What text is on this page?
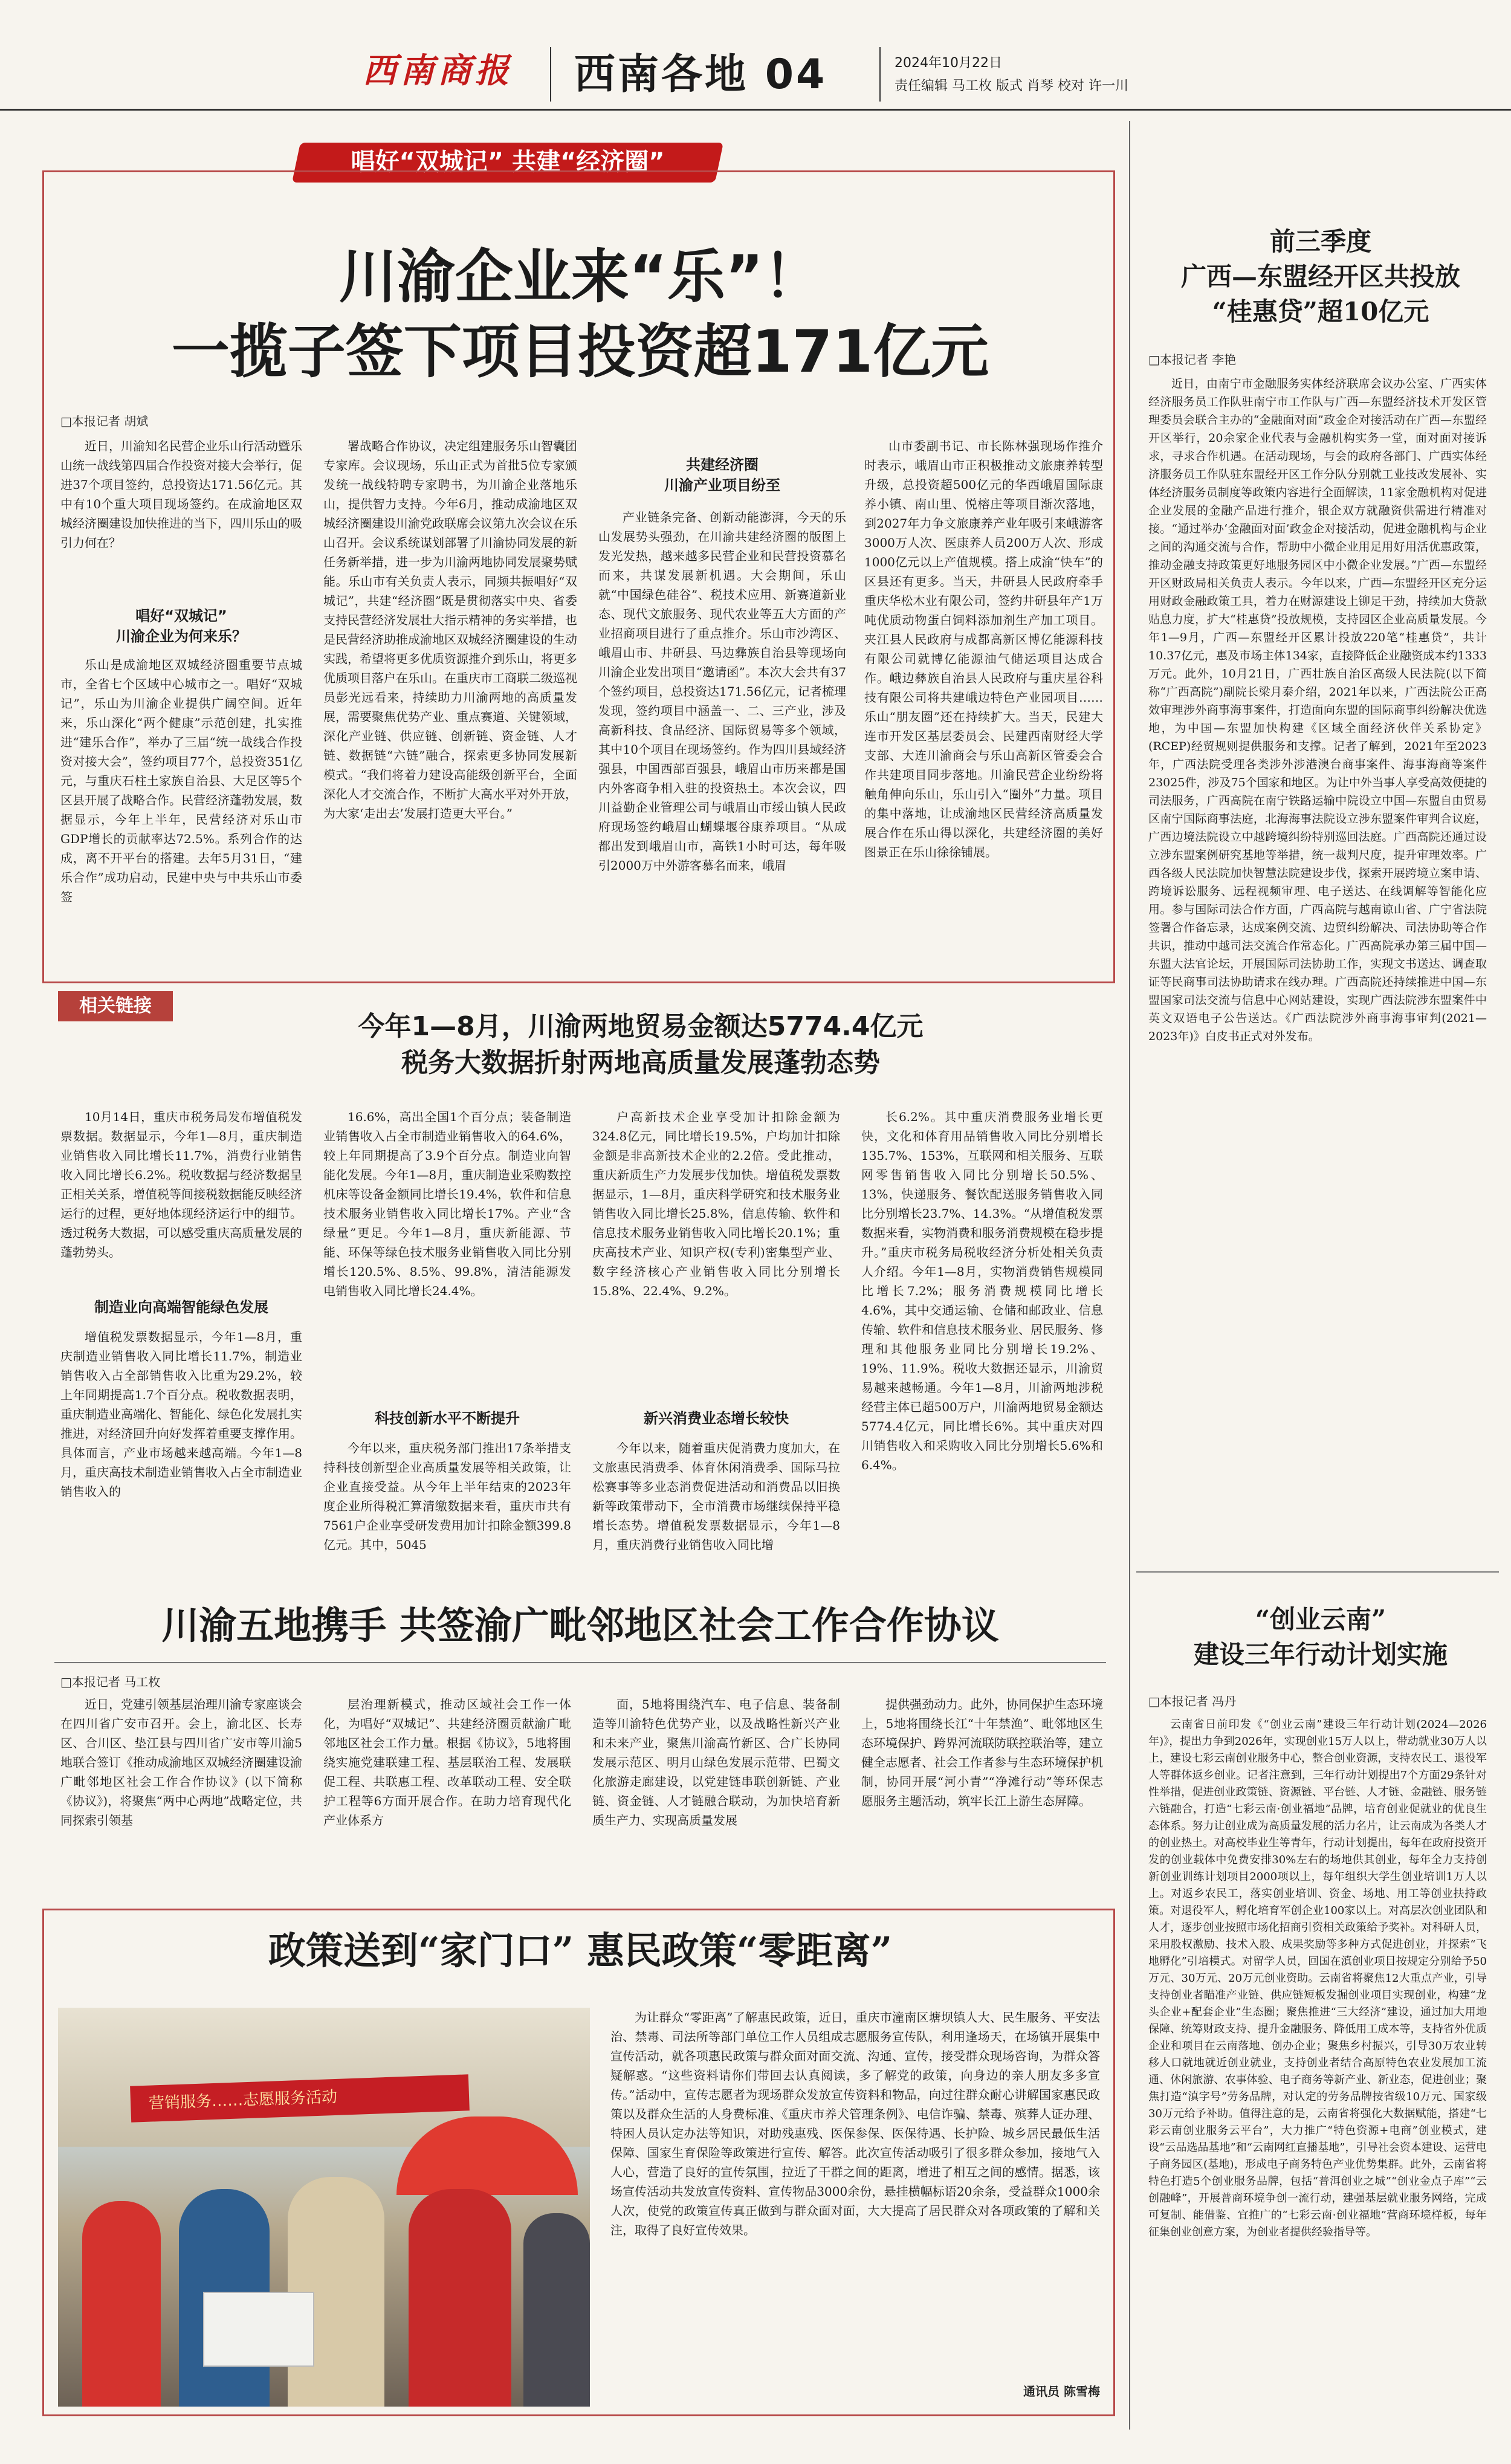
西南商报 西南各地 04	2024年10月22日
责任编辑 马工枚 版式 肖琴 校对 许一川
唱好“双城记” 共建“经济圈”
川渝企业来“乐”！
一揽子签下项目投资超171亿元
□本报记者 胡斌

近日，川渝知名民营企业乐山行活动暨乐山统一战线第四届合作投资对接大会举行，促进37个项目签约，总投资达171.56亿元。其中有10个重大项目现场签约。在成渝地区双城经济圈建设加快推进的当下，四川乐山的吸引力何在？

唱好“双城记”
川渝企业为何来乐？

乐山是成渝地区双城经济圈重要节点城市，全省七个区域中心城市之一。唱好“双城记”，乐山为川渝企业提供广阔空间。近年来，乐山深化“两个健康”示范创建，扎实推进“建乐合作”，举办了三届“统一战线合作投资对接大会”，签约项目77个，总投资351亿元，与重庆石柱土家族自治县、大足区等5个区县开展了战略合作。民营经济蓬勃发展，数据显示，今年上半年，民营经济对乐山市GDP增长的贡献率达72.5%。系列合作的达成，离不开平台的搭建。去年5月31日，“建乐合作”成功启动，民建中央与中共乐山市委签

署战略合作协议，决定组建服务乐山智囊团专家库。会议现场，乐山正式为首批5位专家颁发统一战线特聘专家聘书，为川渝企业落地乐山，提供智力支持。今年6月，推动成渝地区双城经济圈建设川渝党政联席会议第九次会议在乐山召开。会议系统谋划部署了川渝协同发展的新任务新举措，进一步为川渝两地协同发展聚势赋能。乐山市有关负责人表示，同频共振唱好“双城记”，共建“经济圈”既是贯彻落实中央、省委支持民营经济发展壮大指示精神的务实举措，也是民营经济助推成渝地区双城经济圈建设的生动实践，希望将更多优质资源推介到乐山，将更多优质项目落户在乐山。在重庆市工商联二级巡视员彭光远看来，持续助力川渝两地的高质量发展，需要聚焦优势产业、重点赛道、关键领域，深化产业链、供应链、创新链、资金链、人才链、数据链“六链”融合，探索更多协同发展新模式。“我们将着力建设高能级创新平台，全面深化人才交流合作，不断扩大高水平对外开放，为大家‘走出去’发展打造更大平台。”

共建经济圈
川渝产业项目纷至

产业链条完备、创新动能澎湃，今天的乐山发展势头强劲，在川渝共建经济圈的版图上发光发热，越来越多民营企业和民营投资慕名而来，共谋发展新机遇。大会期间，乐山就“中国绿色硅谷”、税技术应用、新赛道新业态、现代文旅服务、现代农业等五大方面的产业招商项目进行了重点推介。乐山市沙湾区、峨眉山市、井研县、马边彝族自治县等现场向川渝企业发出项目“邀请函”。本次大会共有37个签约项目，总投资达171.56亿元，记者梳理发现，签约项目中涵盖一、二、三产业，涉及高新科技、食品经济、国际贸易等多个领域，其中10个项目在现场签约。作为四川县域经济强县，中国西部百强县，峨眉山市历来都是国内外客商争相入驻的投资热土。本次会议，四川益勤企业管理公司与峨眉山市绥山镇人民政府现场签约峨眉山蝴蝶堰谷康养项目。“从成都出发到峨眉山市，高铁1小时可达，每年吸引2000万中外游客慕名而来，峨眉

山市委副书记、市长陈林强现场作推介时表示，峨眉山市正积极推动文旅康养转型升级，总投资超500亿元的华西峨眉国际康养小镇、南山里、悦榕庄等项目渐次落地，到2027年力争文旅康养产业年吸引来峨游客3000万人次、医康养人员200万人次、形成1000亿元以上产值规模。搭上成渝“快车”的区县还有更多。当天，井研县人民政府牵手重庆华松木业有限公司，签约井研县年产1万吨优质动物蛋白饲料添加剂生产加工项目。夹江县人民政府与成都高新区博亿能源科技有限公司就博亿能源油气储运项目达成合作。峨边彝族自治县人民政府与重庆星谷科技有限公司将共建峨边特色产业园项目……乐山“朋友圈”还在持续扩大。当天，民建大连市开发区基层委员会、民建西南财经大学支部、大连川渝商会与乐山高新区管委会合作共建项目同步落地。川渝民营企业纷纷将触角伸向乐山，乐山引入“圈外”力量。项目的集中落地，让成渝地区民营经济高质量发展合作在乐山得以深化，共建经济圈的美好图景正在乐山徐徐铺展。

相关链接
今年1—8月，川渝两地贸易金额达5774.4亿元
税务大数据折射两地高质量发展蓬勃态势

10月14日，重庆市税务局发布增值税发票数据。数据显示，今年1—8月，重庆制造业销售收入同比增长11.7%，消费行业销售收入同比增长6.2%。税收数据与经济数据呈正相关关系，增值税等间接税数据能反映经济运行的过程，更好地体现经济运行中的细节。透过税务大数据，可以感受重庆高质量发展的蓬勃势头。

制造业向高端智能绿色发展

增值税发票数据显示，今年1—8月，重庆制造业销售收入同比增长11.7%，制造业销售收入占全部销售收入比重为29.2%，较上年同期提高1.7个百分点。税收数据表明，重庆制造业高端化、智能化、绿色化发展扎实推进，对经济回升向好发挥着重要支撑作用。具体而言，产业市场越来越高端。今年1—8月，重庆高技术制造业销售收入占全市制造业销售收入的

16.6%，高出全国1个百分点；装备制造业销售收入占全市制造业销售收入的64.6%，较上年同期提高了3.9个百分点。制造业向智能化发展。今年1—8月，重庆制造业采购数控机床等设备金额同比增长19.4%，软件和信息技术服务业销售收入同比增长17%。产业“含绿量”更足。今年1—8月，重庆新能源、节能、环保等绿色技术服务业销售收入同比分别增长120.5%、8.5%、99.8%，清洁能源发电销售收入同比增长24.4%。

科技创新水平不断提升

今年以来，重庆税务部门推出17条举措支持科技创新型企业高质量发展等相关政策，让企业直接受益。从今年上半年结束的2023年度企业所得税汇算清缴数据来看，重庆市共有7561户企业享受研发费用加计扣除金额399.8亿元。其中，5045

户高新技术企业享受加计扣除金额为324.8亿元，同比增长19.5%，户均加计扣除金额是非高新技术企业的2.2倍。受此推动，重庆新质生产力发展步伐加快。增值税发票数据显示，1—8月，重庆科学研究和技术服务业销售收入同比增长25.8%，信息传输、软件和信息技术服务业销售收入同比增长20.1%；重庆高技术产业、知识产权(专利)密集型产业、数字经济核心产业销售收入同比分别增长15.8%、22.4%、9.2%。

新兴消费业态增长较快

今年以来，随着重庆促消费力度加大，在文旅惠民消费季、体育休闲消费季、国际马拉松赛事等多业态消费促进活动和消费品以旧换新等政策带动下，全市消费市场继续保持平稳增长态势。增值税发票数据显示，今年1—8月，重庆消费行业销售收入同比增

长6.2%。其中重庆消费服务业增长更快，文化和体育用品销售收入同比分别增长135.7%、153%，互联网和相关服务、互联网零售销售收入同比分别增长50.5%、13%，快递服务、餐饮配送服务销售收入同比分别增长23.7%、14.3%。“从增值税发票数据来看，实物消费和服务消费规模在稳步提升。”重庆市税务局税收经济分析处相关负责人介绍。今年1—8月，实物消费销售规模同比增长7.2%；服务消费规模同比增长4.6%，其中交通运输、仓储和邮政业、信息传输、软件和信息技术服务业、居民服务、修理和其他服务业同比分别增长19.2%、19%、11.9%。税收大数据还显示，川渝贸易越来越畅通。今年1—8月，川渝两地涉税经营主体已超500万户，川渝两地贸易金额达5774.4亿元，同比增长6%。其中重庆对四川销售收入和采购收入同比分别增长5.6%和6.4%。

川渝五地携手 共签渝广毗邻地区社会工作合作协议
□本报记者 马工枚

近日，党建引领基层治理川渝专家座谈会在四川省广安市召开。会上，渝北区、长寿区、合川区、垫江县与四川省广安市等川渝5地联合签订《推动成渝地区双城经济圈建设渝广毗邻地区社会工作合作协议》(以下简称《协议》)，将聚焦“两中心两地”战略定位，共同探索引领基

层治理新模式，推动区域社会工作一体化，为唱好“双城记”、共建经济圈贡献渝广毗邻地区社会工作力量。根据《协议》，5地将围绕实施党建联建工程、基层联治工程、发展联促工程、共联惠工程、改革联动工程、安全联护工程等6方面开展合作。在助力培育现代化产业体系方

面，5地将围绕汽车、电子信息、装备制造等川渝特色优势产业，以及战略性新兴产业和未来产业，聚焦川渝高竹新区、合广长协同发展示范区、明月山绿色发展示范带、巴蜀文化旅游走廊建设，以党建链串联创新链、产业链、资金链、人才链融合联动，为加快培育新质生产力、实现高质量发展

提供强劲动力。此外，协同保护生态环境上，5地将围绕长江“十年禁渔”、毗邻地区生态环境保护、跨界河流联防联控联治等，建立健全志愿者、社会工作者参与生态环境保护机制，协同开展“河小青”“净滩行动”等环保志愿服务主题活动，筑牢长江上游生态屏障。

政策送到“家门口” 惠民政策“零距离”
营销服务……志愿服务活动

为让群众“零距离”了解惠民政策，近日，重庆市潼南区塘坝镇人大、民生服务、平安法治、禁毒、司法所等部门单位工作人员组成志愿服务宣传队，利用逢场天，在场镇开展集中宣传活动，就各项惠民政策与群众面对面交流、沟通、宣传，接受群众现场咨询，为群众答疑解惑。“这些资料请你们带回去认真阅读，多了解党的政策，向身边的亲人朋友多多宣传。”活动中，宣传志愿者为现场群众发放宣传资料和物品，向过往群众耐心讲解国家惠民政策以及群众生活的人身费标准、《重庆市养犬管理条例》、电信诈骗、禁毒、殡葬人证办理、特困人员认定办法等知识，对助残惠残、医保参保、医保待遇、长护险、城乡居民最低生活保障、国家生育保险等政策进行宣传、解答。此次宣传活动吸引了很多群众参加，接地气入人心，营造了良好的宣传氛围，拉近了干群之间的距离，增进了相互之间的感情。据悉，该场宣传活动共发放宣传资料、宣传物品3000余份，悬挂横幅标语20余条，受益群众1000余人次，使党的政策宣传真正做到与群众面对面，大大提高了居民群众对各项政策的了解和关注，取得了良好宣传效果。

通讯员 陈雪梅
前三季度
广西—东盟经开区共投放
“桂惠贷”超10亿元
□本报记者 李艳

近日，由南宁市金融服务实体经济联席会议办公室、广西实体经济服务员工作队驻南宁市工作队与广西—东盟经济技术开发区管理委员会联合主办的“金融面对面”政金企对接活动在广西—东盟经开区举行，20余家企业代表与金融机构实务一堂，面对面对接诉求，寻求合作机遇。在活动现场，与会的政府各部门、广西实体经济服务员工作队驻东盟经开区工作分队分别就工业技改发展补、实体经济服务员制度等政策内容进行全面解读，11家金融机构对促进企业发展的金融产品进行推介，银企双方就融资供需进行精准对接。“通过举办‘金融面对面’政金企对接活动，促进金融机构与企业之间的沟通交流与合作，帮助中小微企业用足用好用活优惠政策，推动金融支持政策更好地服务园区中小微企业发展。”广西—东盟经开区财政局相关负责人表示。今年以来，广西—东盟经开区充分运用财政金融政策工具，着力在财源建设上铆足干劲，持续加大贷款贴息力度，扩大“桂惠贷”投放规模，支持园区企业高质量发展。今年1—9月，广西—东盟经开区累计投放220笔“桂惠贷”，共计10.37亿元，惠及市场主体134家，直接降低企业融资成本约1333万元。此外，10月21日，广西壮族自治区高级人民法院(以下简称“广西高院”)副院长梁月泰介绍，2021年以来，广西法院公正高效审理涉外商事海事案件，打造面向东盟的国际商事纠纷解决优选地，为中国—东盟加快构建《区域全面经济伙伴关系协定》(RCEP)经贸规则提供服务和支撑。记者了解到，2021年至2023年，广西法院受理各类涉外涉港澳台商事案件、海事海商等案件23025件，涉及75个国家和地区。为让中外当事人享受高效便捷的司法服务，广西高院在南宁铁路运输中院设立中国—东盟自由贸易区南宁国际商事法庭，北海海事法院设立涉东盟案件审判合议庭，广西边境法院设立中越跨境纠纷特别巡回法庭。广西高院还通过设立涉东盟案例研究基地等举措，统一裁判尺度，提升审理效率。广西各级人民法院加快智慧法院建设步伐，探索开展跨境立案申请、跨境诉讼服务、远程视频审理、电子送达、在线调解等智能化应用。参与国际司法合作方面，广西高院与越南谅山省、广宁省法院签署合作备忘录，达成案例交流、边贸纠纷解决、司法协助等合作共识，推动中越司法交流合作常态化。广西高院承办第三届中国—东盟大法官论坛，开展国际司法协助工作，实现文书送达、调查取证等民商事司法协助请求在线办理。广西高院还持续推进中国—东盟国家司法交流与信息中心网站建设，实现广西法院涉东盟案件中英文双语电子公告送达。《广西法院涉外商事海事审判(2021—2023年)》白皮书正式对外发布。

“创业云南”
建设三年行动计划实施
□本报记者 冯丹

云南省日前印发《“创业云南”建设三年行动计划(2024—2026年)》，提出力争到2026年，实现创业15万人以上，带动就业30万人以上，建设七彩云南创业服务中心，整合创业资源，支持农民工、退役军人等群体返乡创业。记者注意到，三年行动计划提出7个方面29条针对性举措，促进创业政策链、资源链、平台链、人才链、金融链、服务链六链融合，打造“七彩云南·创业福地”品牌，培育创业促就业的优良生态体系。努力让创业成为高质量发展的活力名片，让云南成为各类人才的创业热土。对高校毕业生等青年，行动计划提出，每年在政府投资开发的创业载体中免费安排30%左右的场地供其创业，每年全力支持创新创业训练计划项目2000项以上，每年组织大学生创业培训1万人以上。对返乡农民工，落实创业培训、资金、场地、用工等创业扶持政策。对退役军人，孵化培育军创企业100家以上。对高层次创业团队和人才，逐步创业按照市场化招商引资相关政策给予奖补。对科研人员，采用股权激励、技术入股、成果奖励等多种方式促进创业，并探索“飞地孵化”引培模式。对留学人员，回国在滇创业项目按规定分别给予50万元、30万元、20万元创业资助。云南省将聚焦12大重点产业，引导支持创业者瞄准产业链、供应链短板发掘创业项目实现创业，构建“龙头企业+配套企业”生态圈；聚焦推进“三大经济”建设，通过加大用地保障、统筹财政支持、提升金融服务、降低用工成本等，支持省外优质企业和项目在云南落地、创办企业；聚焦乡村振兴，引导30万农业转移人口就地就近创业就业，支持创业者结合高原特色农业发展加工流通、休闲旅游、农事体验、电子商务等新产业、新业态，促进创业；聚焦打造“滇字号”劳务品牌，对认定的劳务品牌按省级10万元、国家级30万元给予补助。值得注意的是，云南省将强化大数据赋能，搭建“七彩云南创业服务云平台”，大力推广“特色资源+电商”创业模式，建设“云品选品基地”和“云南网红直播基地”，引导社会资本建设、运营电子商务园区(基地)，形成电子商务特色产业优势集群。此外，云南省将特色打造5个创业服务品牌，包括“普洱创业之城”“创业金点子库”“云创融峰”，开展普商环境争创一流行动，建强基层就业服务网络，完成可复制、能借鉴、宜推广的“七彩云南·创业福地”营商环境样板，每年征集创业创意方案，为创业者提供经验指导等。
